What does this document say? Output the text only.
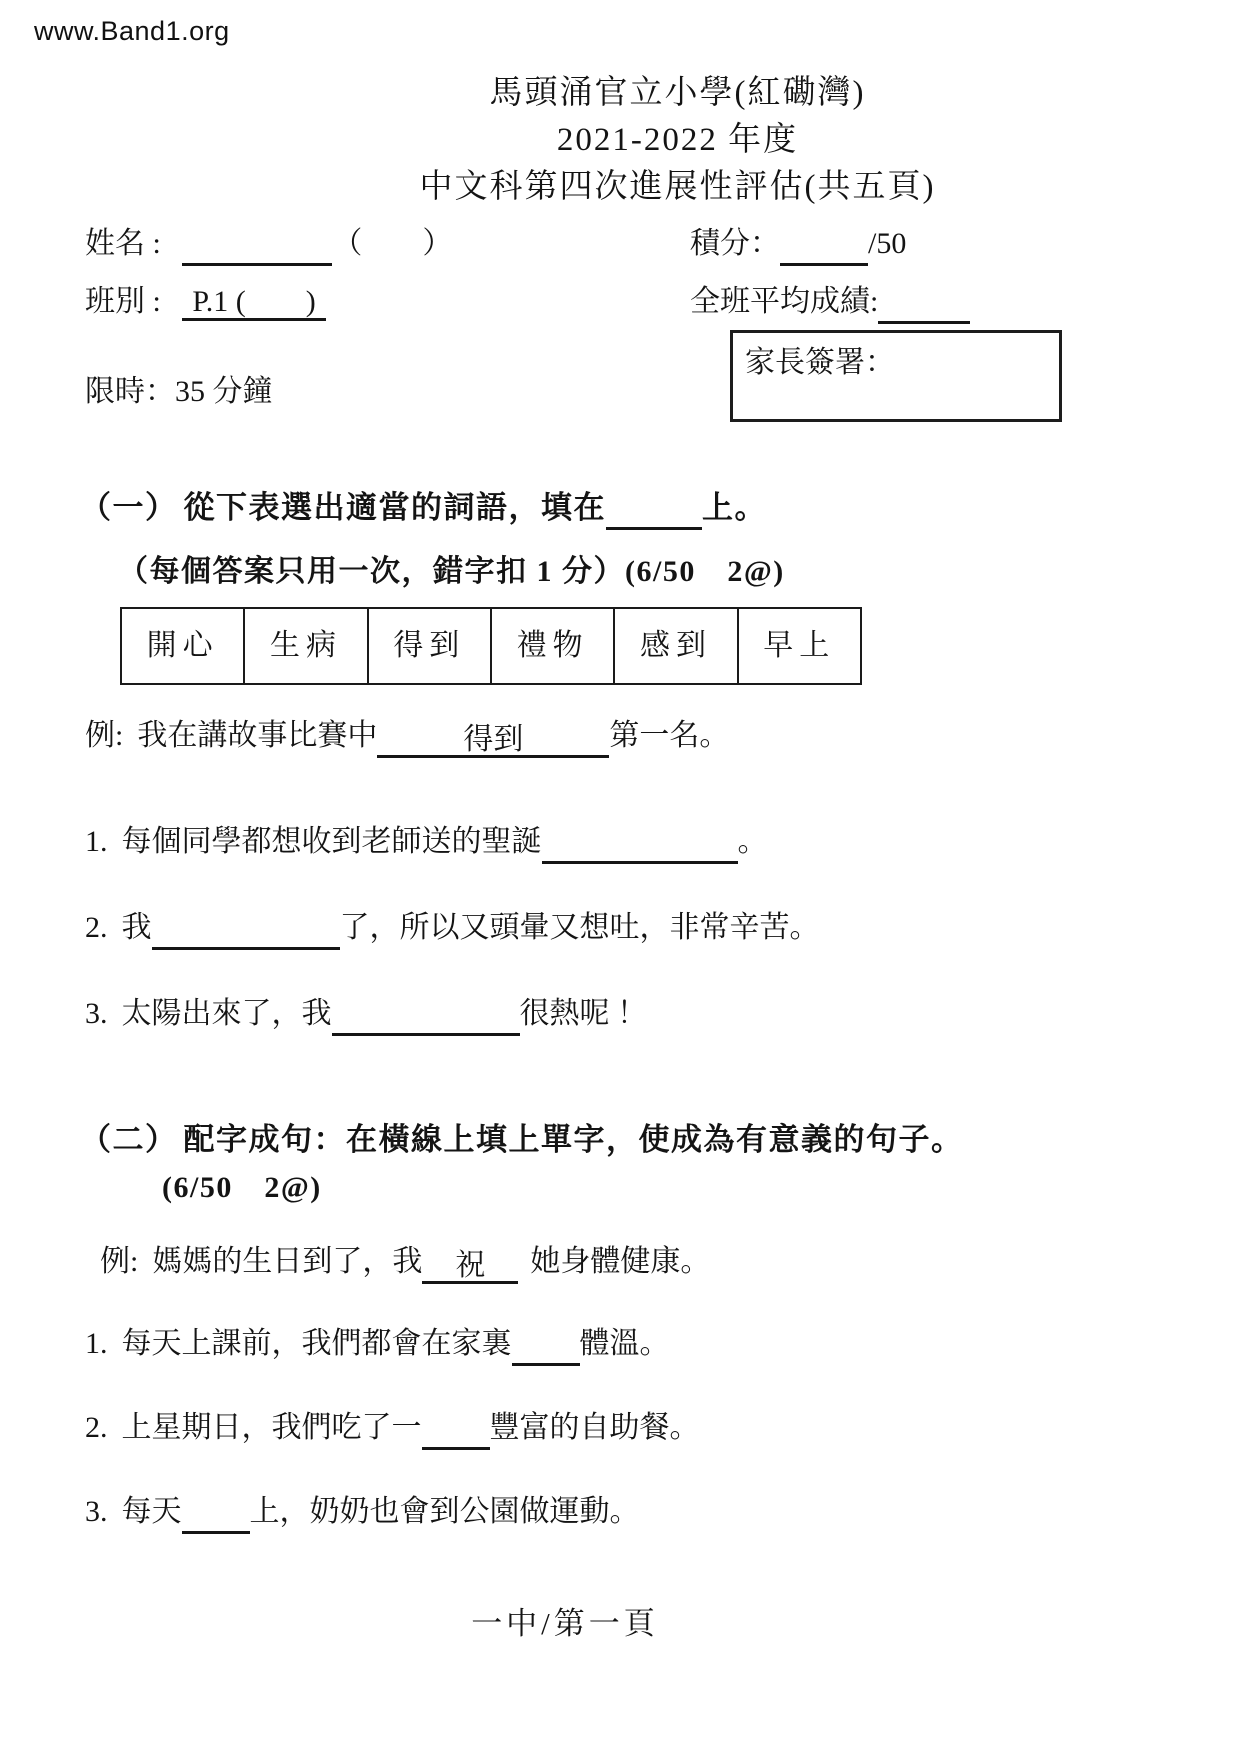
www.Band1.org
馬頭涌官立小學(紅磡灣)
2021-2022 年度
中文科第四次進展性評估(共五頁)
姓名 :	（　　）	積分：	/50
班別 : P.1 (　　)	全班平均成績:
家長簽署：
限時：35 分鐘
（一） 從下表選出適當的詞語，填在	上。
（每個答案只用一次，錯字扣 1 分）(6/50　2@)
開心	生病	得到	禮物	感到	早上
例: 我在講故事比賽中	得到	第一名。
1. 每個同學都想收到老師送的聖誕	。
2. 我	了，所以又頭暈又想吐，非常辛苦。
3. 太陽出來了，我	很熱呢 ！
（二） 配字成句：在橫線上填上單字，使成為有意義的句子。
(6/50　2@)
例: 媽媽的生日到了，我 祝 她身體健康。
1. 每天上課前，我們都會在家裏 體溫。
2. 上星期日，我們吃了一 豐富的自助餐。
3. 每天 上，奶奶也會到公園做運動。
一中/第一頁
